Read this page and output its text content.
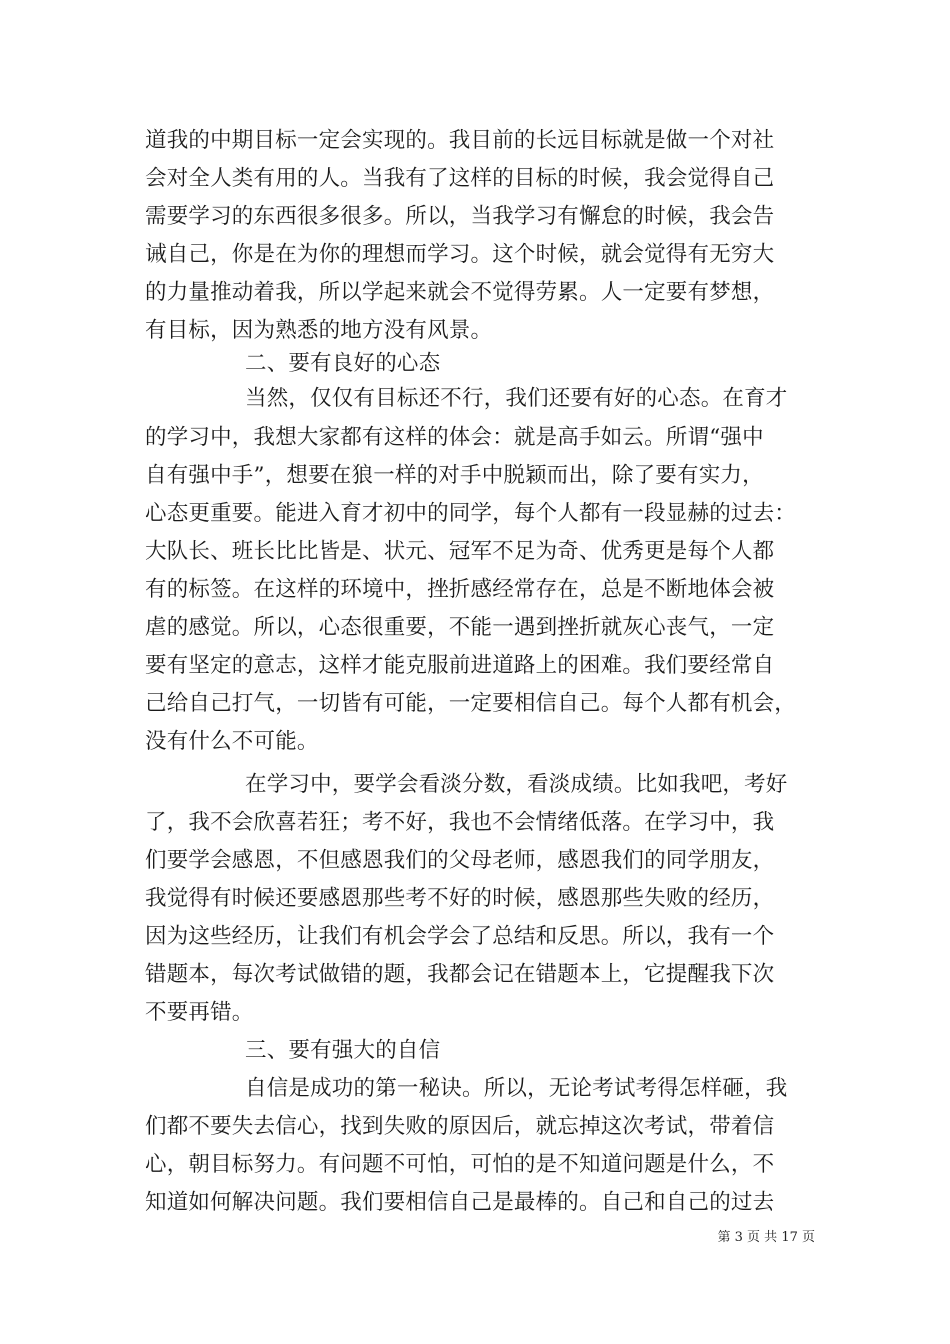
道我的中期目标一定会实现的。我目前的长远目标就是做一个对社
会对全人类有用的人。当我有了这样的目标的时候，我会觉得自己
需要学习的东西很多很多。所以，当我学习有懈怠的时候，我会告
诫自己，你是在为你的理想而学习。这个时候，就会觉得有无穷大
的力量推动着我，所以学起来就会不觉得劳累。人一定要有梦想，
有目标，因为熟悉的地方没有风景。
二、要有良好的心态
当然，仅仅有目标还不行，我们还要有好的心态。在育才
的学习中，我想大家都有这样的体会：就是高手如云。所谓“强中
自有强中手”，想要在狼一样的对手中脱颖而出，除了要有实力，
心态更重要。能进入育才初中的同学，每个人都有一段显赫的过去：
大队长、班长比比皆是、状元、冠军不足为奇、优秀更是每个人都
有的标签。在这样的环境中，挫折感经常存在，总是不断地体会被
虐的感觉。所以，心态很重要，不能一遇到挫折就灰心丧气，一定
要有坚定的意志，这样才能克服前进道路上的困难。我们要经常自
己给自己打气，一切皆有可能，一定要相信自己。每个人都有机会，
没有什么不可能。
在学习中，要学会看淡分数，看淡成绩。比如我吧，考好
了，我不会欣喜若狂；考不好，我也不会情绪低落。在学习中，我
们要学会感恩，不但感恩我们的父母老师，感恩我们的同学朋友，
我觉得有时候还要感恩那些考不好的时候，感恩那些失败的经历，
因为这些经历，让我们有机会学会了总结和反思。所以，我有一个
错题本，每次考试做错的题，我都会记在错题本上，它提醒我下次
不要再错。
三、要有强大的自信
自信是成功的第一秘诀。所以，无论考试考得怎样砸，我
们都不要失去信心，找到失败的原因后，就忘掉这次考试，带着信
心，朝目标努力。有问题不可怕，可怕的是不知道问题是什么，不
知道如何解决问题。我们要相信自己是最棒的。自己和自己的过去
第 3 页 共 17 页
